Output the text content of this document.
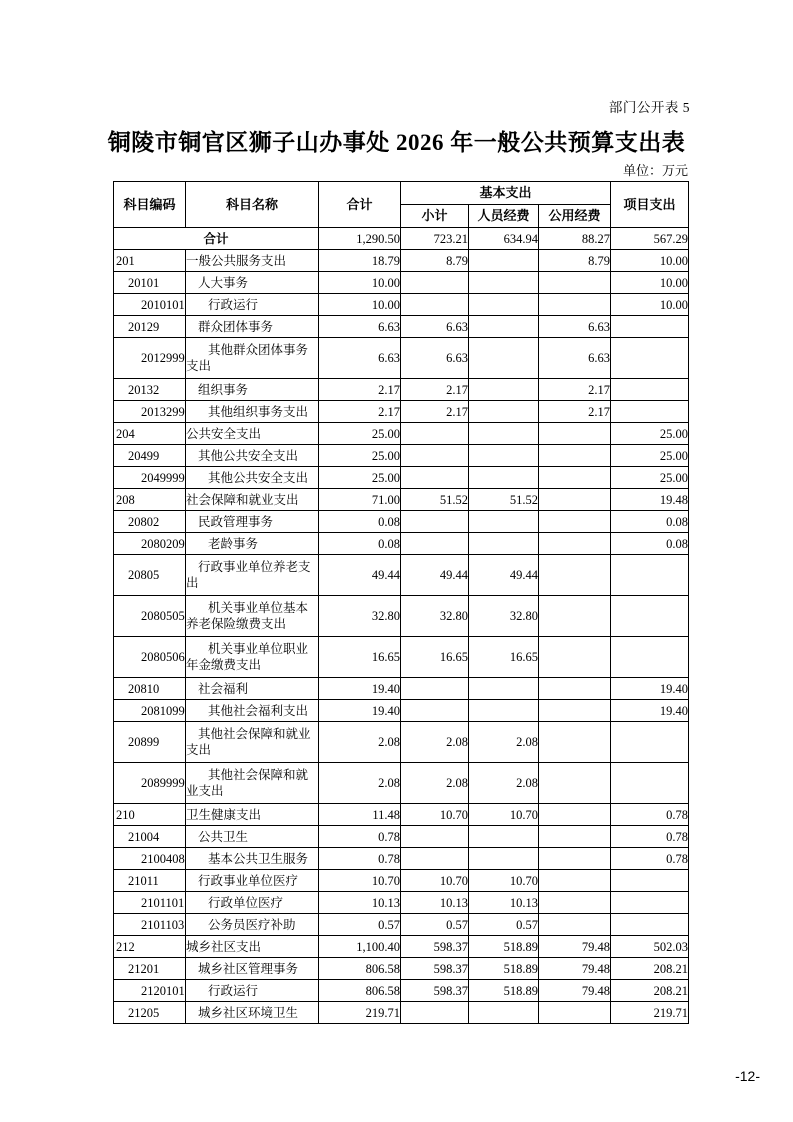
部门公开表 5
铜陵市铜官区狮子山办事处 2026 年一般公共预算支出表
单位：万元
科目编码	科目名称	合计	基本支出			项目支出
			小计	人员经费	公用经费	
合计		1,290.50	723.21	634.94	88.27	567.29
201	一般公共服务支出	18.79	8.79		8.79	10.00
20101	人大事务	10.00				10.00
2010101	行政运行	10.00				10.00
20129	群众团体事务	6.63	6.63		6.63	
2012999	其他群众团体事务支出	6.63	6.63		6.63	
20132	组织事务	2.17	2.17		2.17	
2013299	其他组织事务支出	2.17	2.17		2.17	
204	公共安全支出	25.00				25.00
20499	其他公共安全支出	25.00				25.00
2049999	其他公共安全支出	25.00				25.00
208	社会保障和就业支出	71.00	51.52	51.52		19.48
20802	民政管理事务	0.08				0.08
2080209	老龄事务	0.08				0.08
20805	行政事业单位养老支出	49.44	49.44	49.44		
2080505	机关事业单位基本养老保险缴费支出	32.80	32.80	32.80		
2080506	机关事业单位职业年金缴费支出	16.65	16.65	16.65		
20810	社会福利	19.40				19.40
2081099	其他社会福利支出	19.40				19.40
20899	其他社会保障和就业支出	2.08	2.08	2.08		
2089999	其他社会保障和就业支出	2.08	2.08	2.08		
210	卫生健康支出	11.48	10.70	10.70		0.78
21004	公共卫生	0.78				0.78
2100408	基本公共卫生服务	0.78				0.78
21011	行政事业单位医疗	10.70	10.70	10.70		
2101101	行政单位医疗	10.13	10.13	10.13		
2101103	公务员医疗补助	0.57	0.57	0.57		
212	城乡社区支出	1,100.40	598.37	518.89	79.48	502.03
21201	城乡社区管理事务	806.58	598.37	518.89	79.48	208.21
2120101	行政运行	806.58	598.37	518.89	79.48	208.21
21205	城乡社区环境卫生	219.71				219.71
-12-
